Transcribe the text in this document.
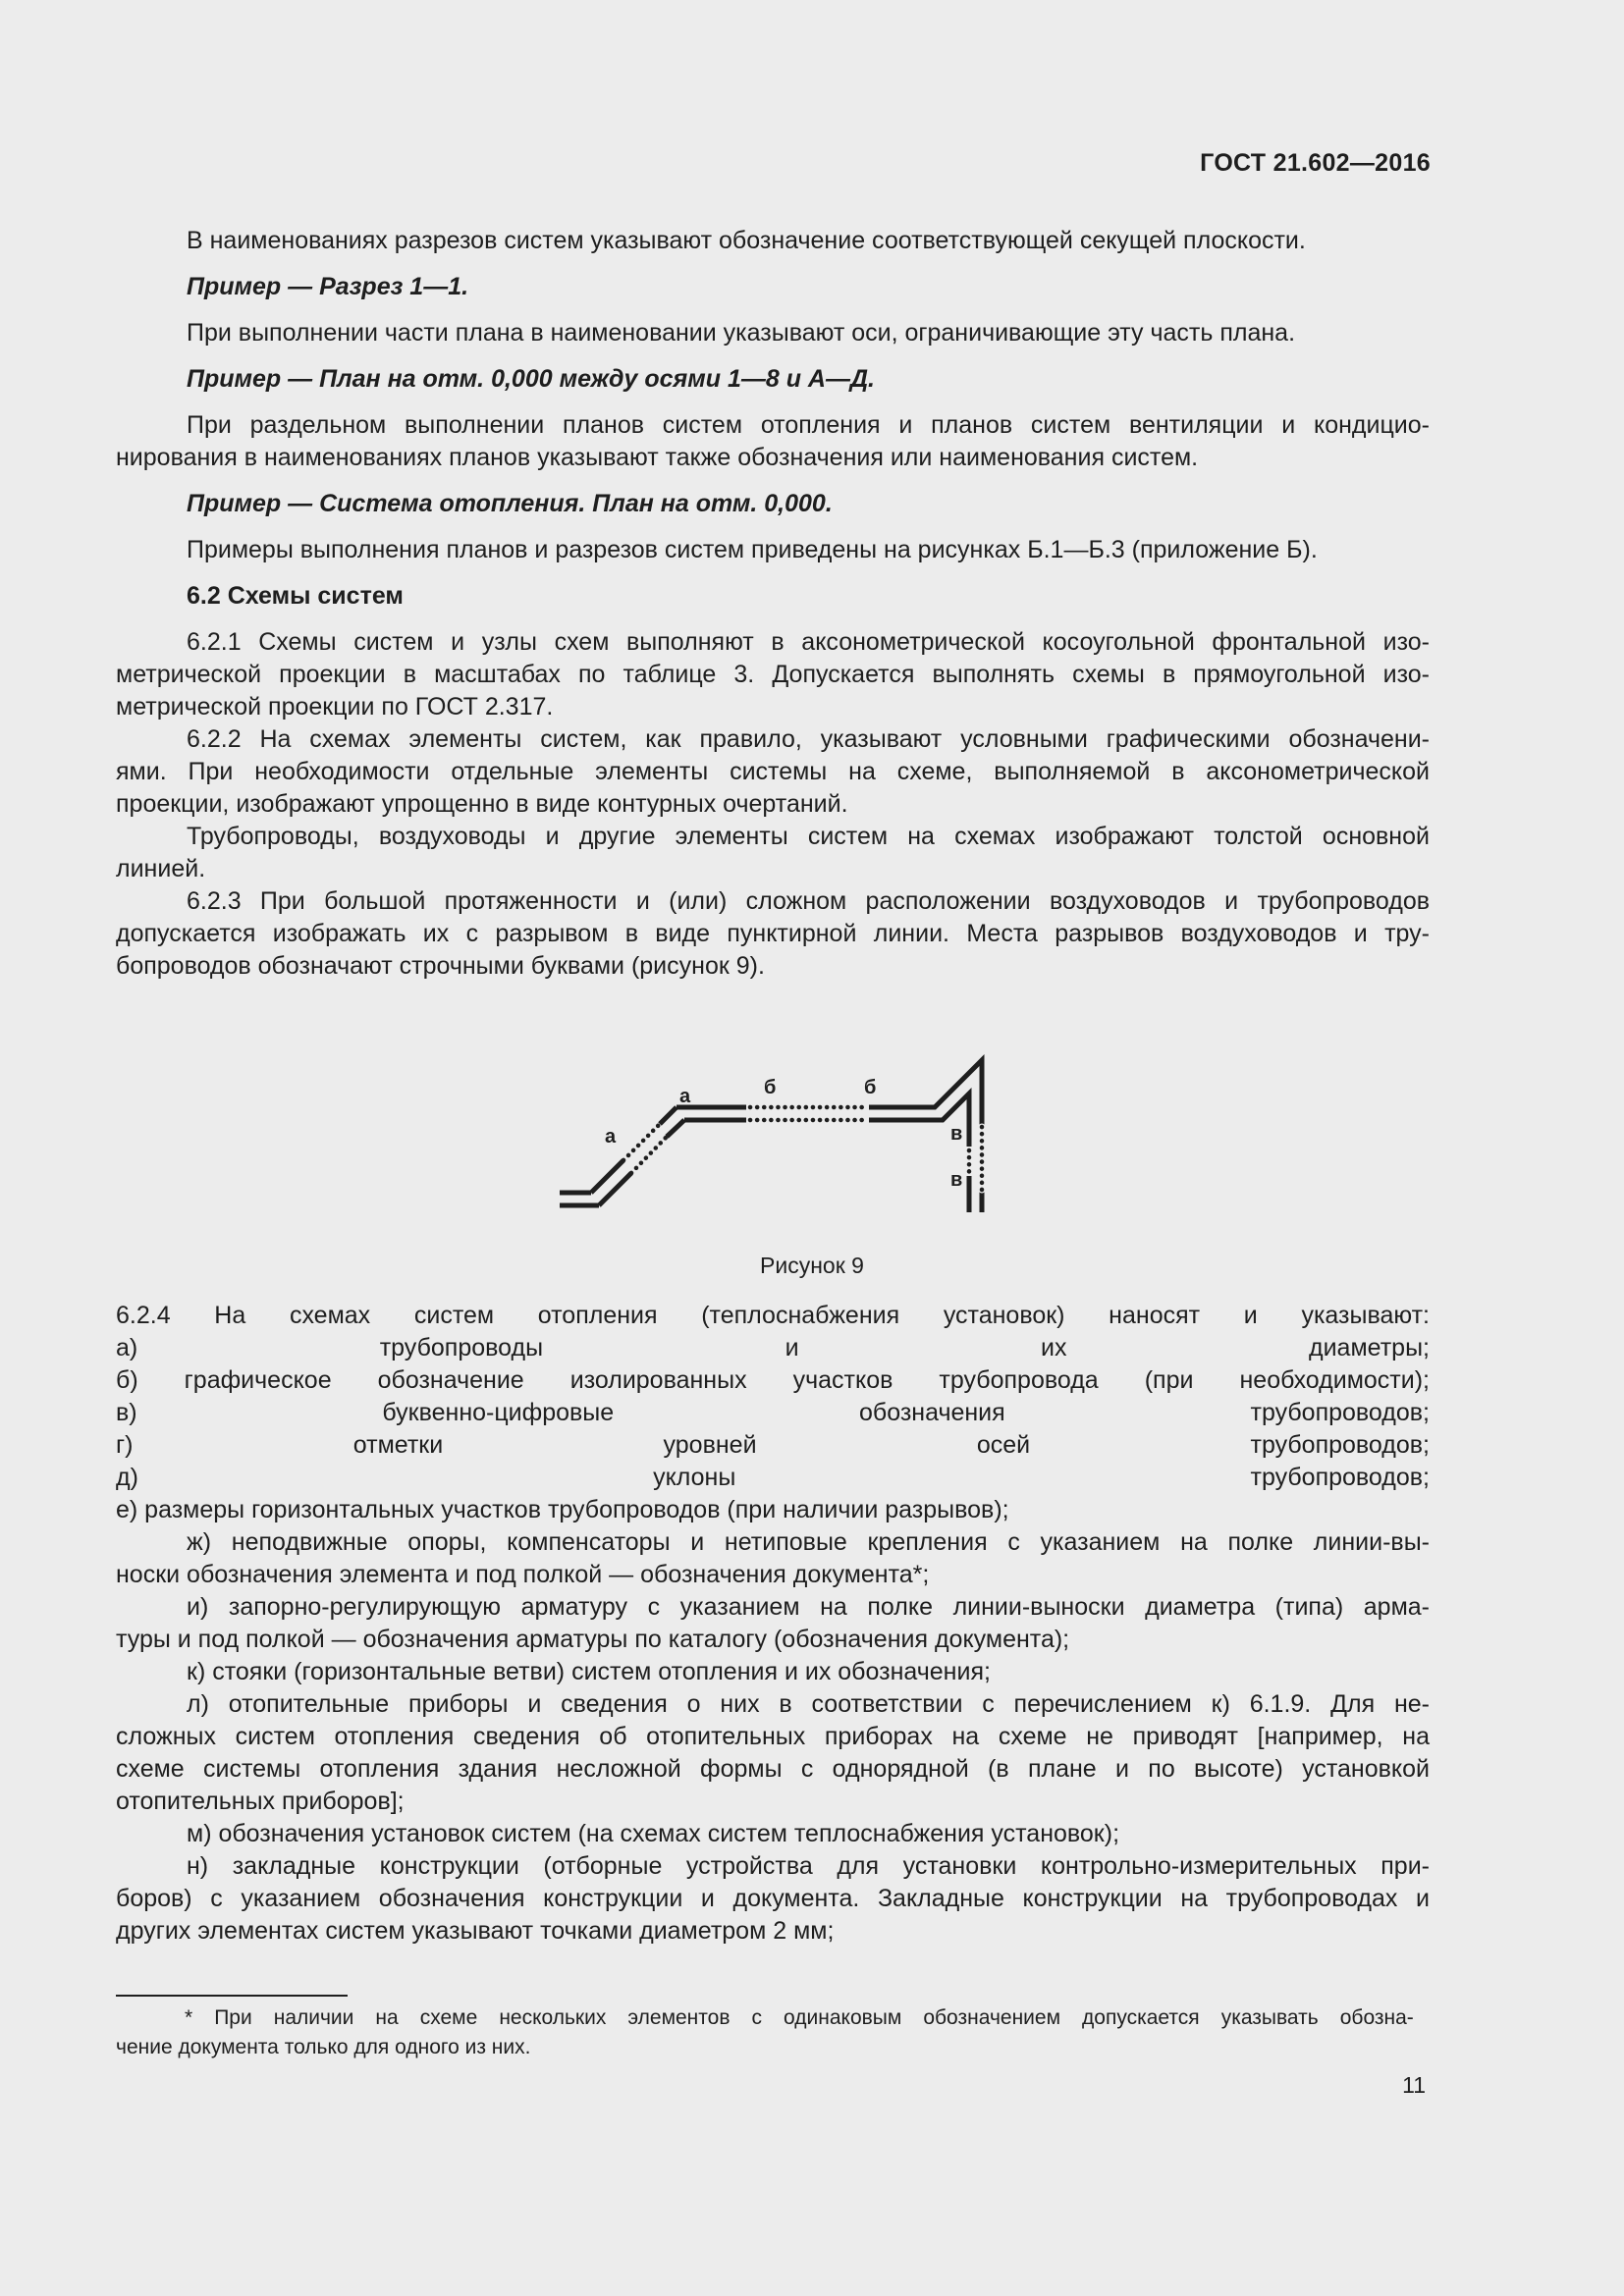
ГОСТ 21.602—2016
В наименованиях разрезов систем указывают обозначение соответствующей секущей плоскости.
Пример — Разрез 1—1.
При выполнении части плана в наименовании указывают оси, ограничивающие эту часть плана.
Пример — План на отм. 0,000 между осями 1—8 и А—Д.
При раздельном выполнении планов систем отопления и планов систем вентиляции и кондицио-
нирования в наименованиях планов указывают также обозначения или наименования систем.
Пример — Система отопления. План на отм. 0,000.
Примеры выполнения планов и разрезов систем приведены на рисунках Б.1—Б.3 (приложение Б).
6.2 Схемы систем
6.2.1 Схемы систем и узлы схем выполняют в аксонометрической косоугольной фронтальной изо-
метрической проекции в масштабах по таблице 3. Допускается выполнять схемы в прямоугольной изо-
метрической проекции по ГОСТ 2.317.
6.2.2 На схемах элементы систем, как правило, указывают условными графическими обозначени-
ями. При необходимости отдельные элементы системы на схеме, выполняемой в аксонометрической
проекции, изображают упрощенно в виде контурных очертаний.
Трубопроводы, воздуховоды и другие элементы систем на схемах изображают толстой основной
линией.
6.2.3 При большой протяженности и (или) сложном расположении воздуховодов и трубопроводов
допускается изображать их с разрывом в виде пунктирной линии. Места разрывов воздуховодов и тру-
бопроводов обозначают строчными буквами (рисунок 9).
а
а	б	б
в
в
Рисунок 9
6.2.4 На схемах систем отопления (теплоснабжения установок) наносят и указывают:
а) трубопроводы и их диаметры;
б) графическое обозначение изолированных участков трубопровода (при необходимости);
в) буквенно-цифровые обозначения трубопроводов;
г) отметки уровней осей трубопроводов;
д) уклоны трубопроводов;
е) размеры горизонтальных участков трубопроводов (при наличии разрывов);
ж) неподвижные опоры, компенсаторы и нетиповые крепления с указанием на полке линии-вы-
носки обозначения элемента и под полкой — обозначения документа*;
и) запорно-регулирующую арматуру с указанием на полке линии-выноски диаметра (типа) арма-
туры и под полкой — обозначения арматуры по каталогу (обозначения документа);
к) стояки (горизонтальные ветви) систем отопления и их обозначения;
л) отопительные приборы и сведения о них в соответствии с перечислением к) 6.1.9. Для не-
сложных систем отопления сведения об отопительных приборах на схеме не приводят [например, на
схеме системы отопления здания несложной формы с однорядной (в плане и по высоте) установкой
отопительных приборов];
м) обозначения установок систем (на схемах систем теплоснабжения установок);
н) закладные конструкции (отборные устройства для установки контрольно-измерительных при-
боров) с указанием обозначения конструкции и документа. Закладные конструкции на трубопроводах и
других элементах систем указывают точками диаметром 2 мм;
* При наличии на схеме нескольких элементов с одинаковым обозначением допускается указывать обозна-
чение документа только для одного из них.
11
